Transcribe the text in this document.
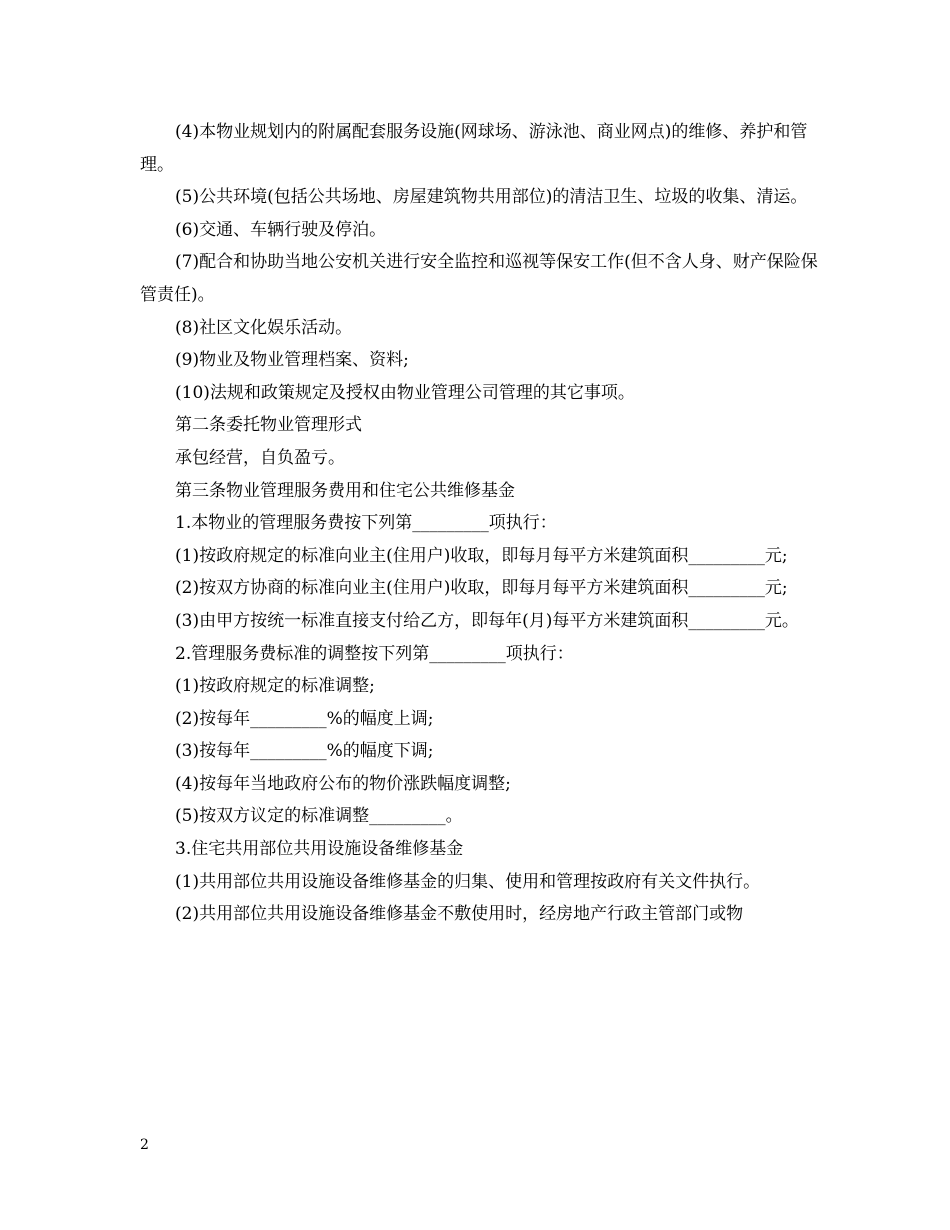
(4)本物业规划内的附属配套服务设施(网球场、游泳池、商业网点)的维修、养护和管理。

(5)公共环境(包括公共场地、房屋建筑物共用部位)的清洁卫生、垃圾的收集、清运。

(6)交通、车辆行驶及停泊。

(7)配合和协助当地公安机关进行安全监控和巡视等保安工作(但不含人身、财产保险保管责任)。

(8)社区文化娱乐活动。

(9)物业及物业管理档案、资料;

(10)法规和政策规定及授权由物业管理公司管理的其它事项。

第二条委托物业管理形式

承包经营，自负盈亏。

第三条物业管理服务费用和住宅公共维修基金

1.本物业的管理服务费按下列第_________项执行：

(1)按政府规定的标准向业主(住用户)收取，即每月每平方米建筑面积_________元;

(2)按双方协商的标准向业主(住用户)收取，即每月每平方米建筑面积_________元;

(3)由甲方按统一标准直接支付给乙方，即每年(月)每平方米建筑面积_________元。

2.管理服务费标准的调整按下列第_________项执行：

(1)按政府规定的标准调整;

(2)按每年_________%的幅度上调;

(3)按每年_________%的幅度下调;

(4)按每年当地政府公布的物价涨跌幅度调整;

(5)按双方议定的标准调整_________。

3.住宅共用部位共用设施设备维修基金

(1)共用部位共用设施设备维修基金的归集、使用和管理按政府有关文件执行。

(2)共用部位共用设施设备维修基金不敷使用时，经房地产行政主管部门或物

2
